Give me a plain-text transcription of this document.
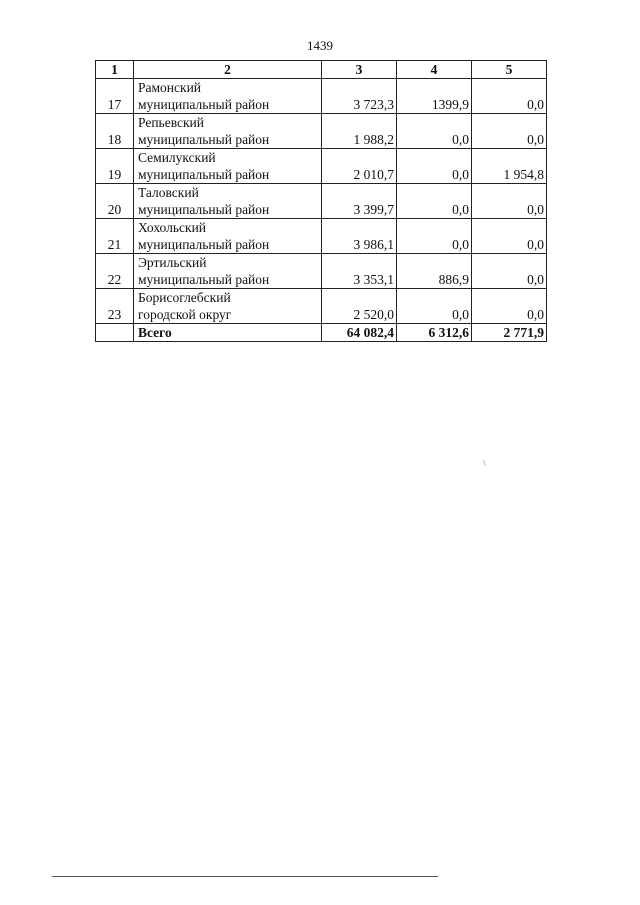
1439
1	2	3	4	5
17	Рамонский
муниципальный район	3 723,3	1399,9	0,0
18	Репьевский
муниципальный район	1 988,2	0,0	0,0
19	Семилукский
муниципальный район	2 010,7	0,0	1 954,8
20	Таловский
муниципальный район	3 399,7	0,0	0,0
21	Хохольский
муниципальный район	3 986,1	0,0	0,0
22	Эртильский
муниципальный район	3 353,1	886,9	0,0
23	Борисоглебский
городской округ	2 520,0	0,0	0,0
	Всего	64 082,4	6 312,6	2 771,9
